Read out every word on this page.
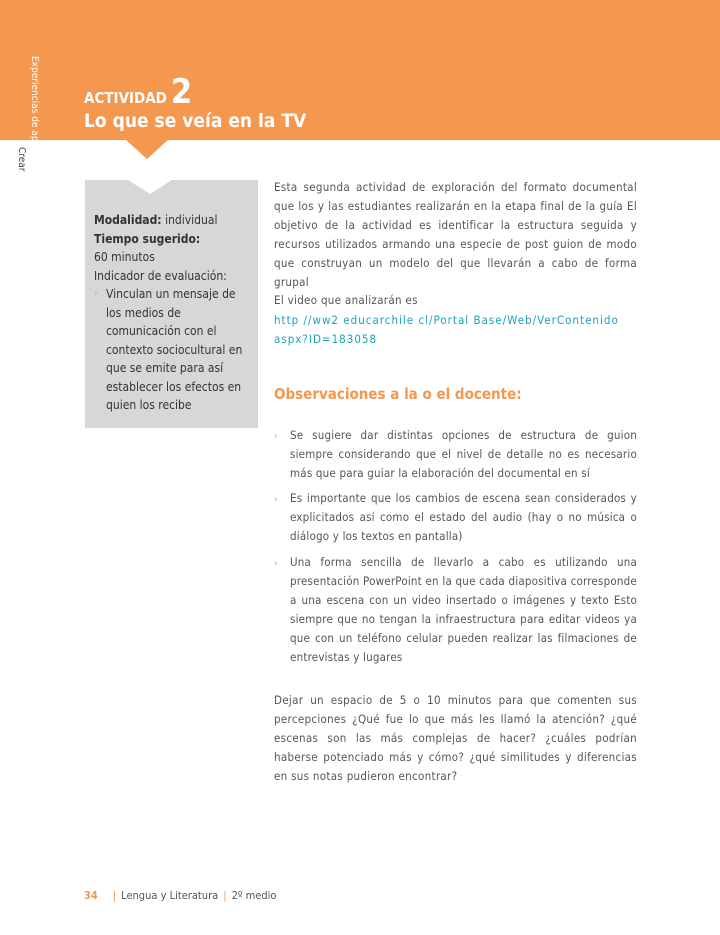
Experiencias de aprendizaje
Crear
ACTIVIDAD 2
Lo que se veía en la TV
Modalidad: individual
Tiempo sugerido:
60 minutos
Indicador de evaluación:
› Vinculan un mensaje de los medios de comunicación con el contexto sociocultural en que se emite para así establecer los efectos en quien los recibe
Esta segunda actividad de exploración del formato documental que los y las estudiantes realizarán en la etapa final de la guía El objetivo de la actividad es identificar la estructura seguida y recursos utilizados armando una especie de post guion de modo que construyan un modelo del que llevarán a cabo de forma grupal
El video que analizarán es
http //ww2 educarchile cl/Portal Base/Web/VerContenido aspx?ID=183058
Observaciones a la o el docente:
›	Se sugiere dar distintas opciones de estructura de guion siempre considerando que el nivel de detalle no es necesario más que para guiar la elaboración del documental en sí
›	Es importante que los cambios de escena sean considerados y explicitados así como el estado del audio (hay o no música o diálogo y los textos en pantalla)
›	Una forma sencilla de llevarlo a cabo es utilizando una presentación PowerPoint en la que cada diapositiva corresponde a una escena con un video insertado o imágenes y texto Esto siempre que no tengan la infraestructura para editar videos ya que con un teléfono celular pueden realizar las filmaciones de entrevistas y lugares
Dejar un espacio de 5 o 10 minutos para que comenten sus percepciones ¿Qué fue lo que más les llamó la atención? ¿qué escenas son las más complejas de hacer? ¿cuáles podrían haberse potenciado más y cómo? ¿qué similitudes y diferencias en sus notas pudieron encontrar?
34 | Lengua y Literatura | 2º medio
